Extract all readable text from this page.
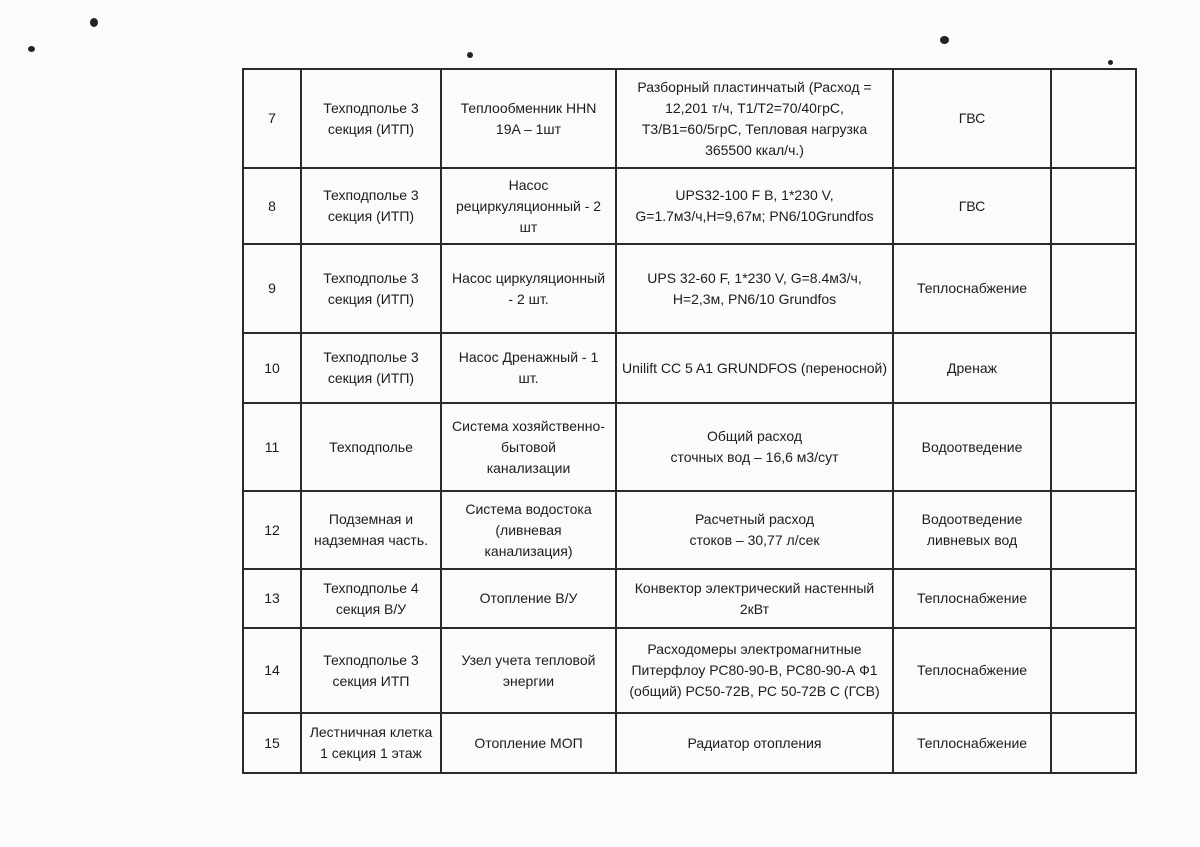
7	Техподполье 3
секция (ИТП)	Теплообменник HHN
19A – 1шт	Разборный пластинчатый (Расход =
12,201 т/ч, Т1/Т2=70/40грС,
Т3/В1=60/5грС, Тепловая нагрузка
365500 ккал/ч.)	ГВС	
8	Техподполье 3
секция (ИТП)	Насос
рециркуляционный - 2
шт	UPS32-100 F B, 1*230 V,
G=1.7м3/ч,Н=9,67м; PN6/10Grundfos	ГВС	
9	Техподполье 3
секция (ИТП)	Насос циркуляционный
- 2 шт.	UPS 32-60 F, 1*230 V, G=8.4м3/ч,
Н=2,3м, PN6/10 Grundfos	Теплоснабжение	
10	Техподполье 3
секция (ИТП)	Насос Дренажный - 1
шт.	Unilift CC 5 A1 GRUNDFOS (переносной)	Дренаж	
11	Техподполье	Система хозяйственно-
бытовой
канализации	Общий расход
сточных вод – 16,6 м3/сут	Водоотведение	
12	Подземная и
надземная часть.	Система водостока
(ливневая
канализация)	Расчетный расход
стоков – 30,77 л/сек	Водоотведение
ливневых вод	
13	Техподполье 4
секция В/У	Отопление В/У	Конвектор электрический настенный
2кВт	Теплоснабжение	
14	Техподполье 3
секция ИТП	Узел учета тепловой
энергии	Расходомеры электромагнитные
Питерфлоу РС80-90-В, РС80-90-А Ф1
(общий) РС50-72В, РС 50-72В С (ГСВ)	Теплоснабжение	
15	Лестничная клетка
1 секция 1 этаж	Отопление МОП	Радиатор отопления	Теплоснабжение	
